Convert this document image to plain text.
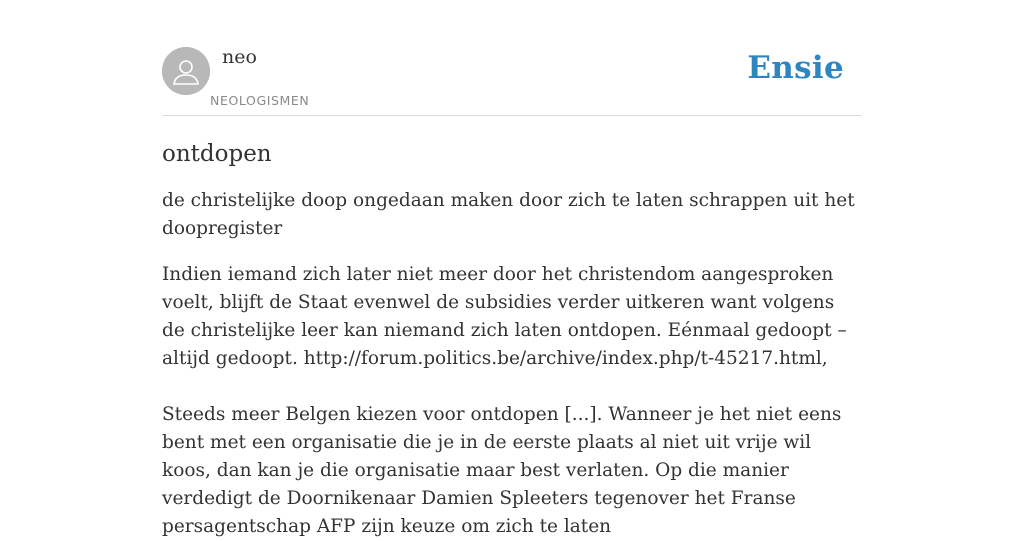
neo
NEOLOGISMEN
Ensie
ontdopen
de christelijke doop ongedaan maken door zich te laten schrappen uit het doopregister

Indien iemand zich later niet meer door het christendom aangesproken voelt, blijft de Staat evenwel de subsidies verder uitkeren want volgens de christelijke leer kan niemand zich laten ontdopen. Eénmaal gedoopt – altijd gedoopt. http://forum.politics.be/archive/index.php/t-45217.html,

Steeds meer Belgen kiezen voor ontdopen [...]. Wanneer je het niet eens bent met een organisatie die je in de eerste plaats al niet uit vrije wil koos, dan kan je die organisatie maar best verlaten. Op die manier verdedigt de Doornikenaar Damien Spleeters tegenover het Franse persagentschap AFP zijn keuze om zich te laten
